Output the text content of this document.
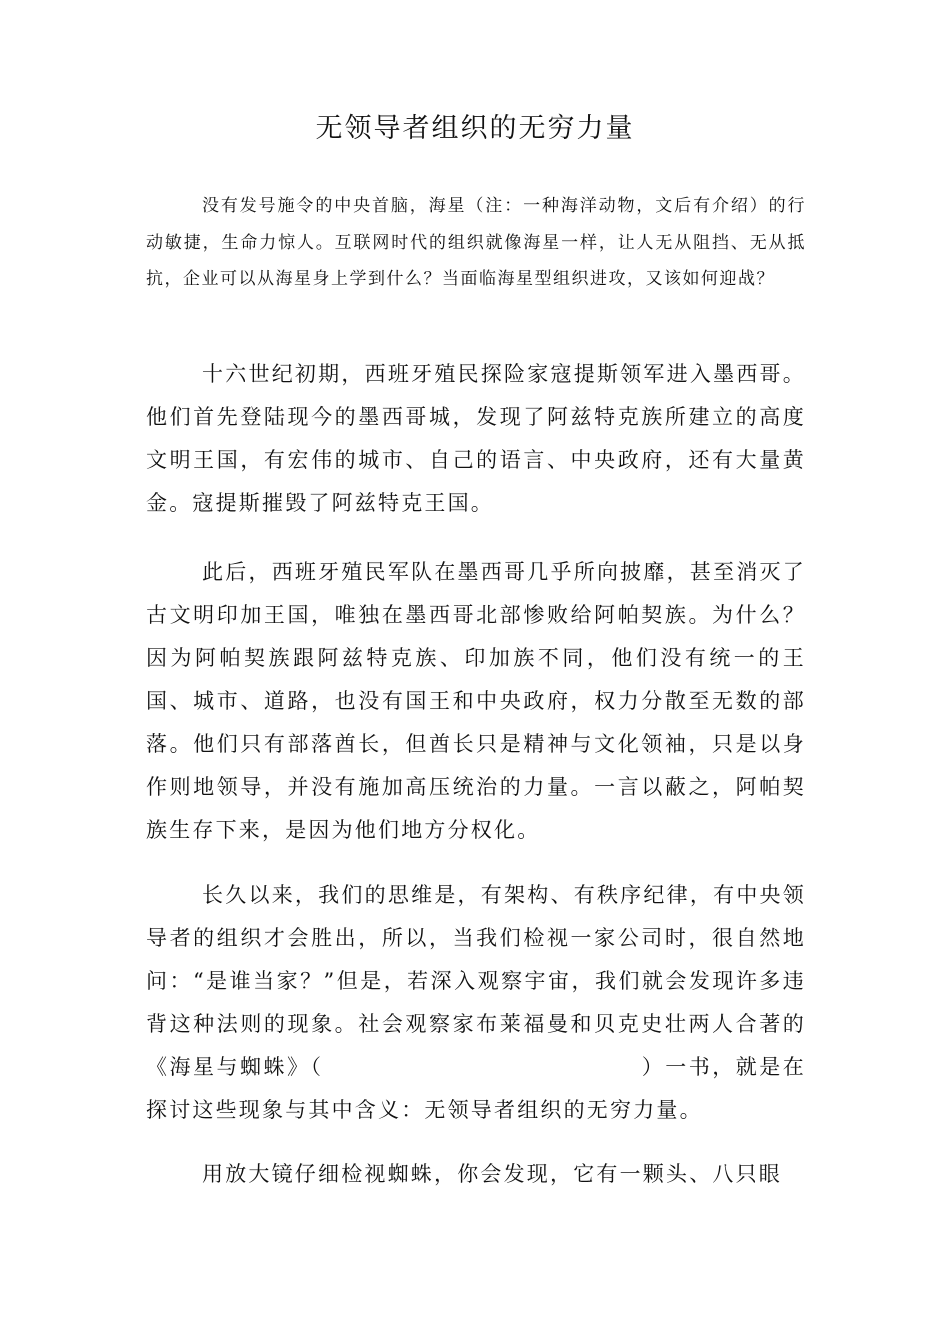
无领导者组织的无穷力量

没有发号施令的中央首脑，海星（注：一种海洋动物，文后有介绍）的行动敏捷，生命力惊人。互联网时代的组织就像海星一样，让人无从阻挡、无从抵抗，企业可以从海星身上学到什么？当面临海星型组织进攻，又该如何迎战？

十六世纪初期，西班牙殖民探险家寇提斯领军进入墨西哥。他们首先登陆现今的墨西哥城，发现了阿兹特克族所建立的高度文明王国，有宏伟的城市、自己的语言、中央政府，还有大量黄金。寇提斯摧毁了阿兹特克王国。

此后，西班牙殖民军队在墨西哥几乎所向披靡，甚至消灭了古文明印加王国，唯独在墨西哥北部惨败给阿帕契族。为什么？因为阿帕契族跟阿兹特克族、印加族不同，他们没有统一的王国、城市、道路，也没有国王和中央政府，权力分散至无数的部落。他们只有部落酋长，但酋长只是精神与文化领袖，只是以身作则地领导，并没有施加高压统治的力量。一言以蔽之，阿帕契族生存下来，是因为他们地方分权化。

长久以来，我们的思维是，有架构、有秩序纪律，有中央领导者的组织才会胜出，所以，当我们检视一家公司时，很自然地问：“是谁当家？”但是，若深入观察宇宙，我们就会发现许多违背这种法则的现象。社会观察家布莱福曼和贝克史壮两人合著的《海星与蜘蛛》（	）一书，就是在探讨这些现象与其中含义：无领导者组织的无穷力量。

用放大镜仔细检视蜘蛛，你会发现，它有一颗头、八只眼
